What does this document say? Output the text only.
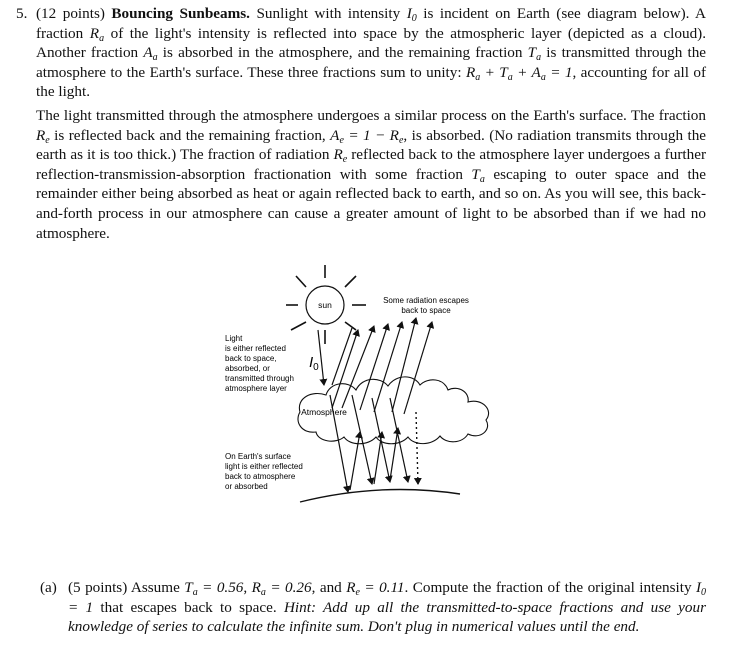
5. (12 points) Bouncing Sunbeams. Sunlight with intensity $I_0$ is incident on Earth (see diagram below). A fraction $R_a$ of the light's intensity is reflected into space by the atmospheric layer (depicted as a cloud). Another fraction $A_a$ is absorbed in the atmosphere, and the remaining fraction $T_a$ is transmitted through the atmosphere to the Earth's surface. These three fractions sum to unity: $R_a + T_a + A_a = 1$, accounting for all of the light.
The light transmitted through the atmosphere undergoes a similar process on the Earth's surface. The fraction $R_e$ is reflected back and the remaining fraction, $A_e = 1 - R_e$, is absorbed. (No radiation transmits through the earth as it is too thick.) The fraction of radiation $R_e$ reflected back to the atmosphere layer undergoes a further reflection-transmission-absorption fractionation with some fraction $T_a$ escaping to outer space and the remainder either being absorbed as heat or again reflected back to earth, and so on. As you will see, this back-and-forth process in our atmosphere can cause a greater amount of light to be absorbed than if we had no atmosphere.
sun	Some radiation escapes
back to space
Light
is either reflected
back to space,
absorbed, or
transmitted through
atmosphere layer
$I_0$
Atmosphere
On Earth's surface
light is either reflected
back to atmosphere
or absorbed
(a) (5 points) Assume $T_a = 0.56$, $R_a = 0.26$, and $R_e = 0.11$. Compute the fraction of the original intensity $I_0 = 1$ that escapes back to space. Hint: Add up all the transmitted-to-space fractions and use your knowledge of series to calculate the infinite sum. Don't plug in numerical values until the end.
